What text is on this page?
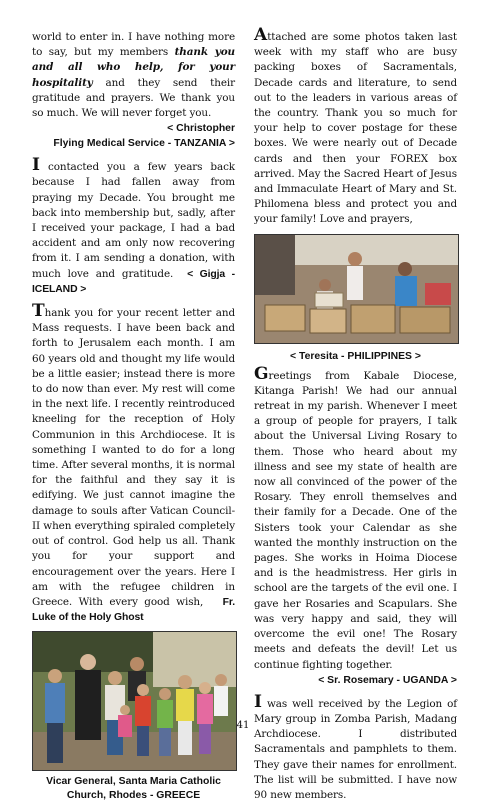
world to enter in. I have nothing more to say, but my members thank you and all who help, for your hospitality and they send their gratitude and prayers. We thank you so much. We will never forget you.

< Christopher
Flying Medical Service - TANZANIA >

I contacted you a few years back because I had fallen away from praying my Decade. You brought me back into membership but, sadly, after I received your package, I had a bad accident and am only now recovering from it. I am sending a donation, with much love and gratitude. < Gigja - ICELAND >

Thank you for your recent letter and Mass requests. I have been back and forth to Jerusalem each month. I am 60 years old and thought my life would be a little easier; instead there is more to do now than ever. My rest will come in the next life. I recently reintroduced kneeling for the reception of Holy Communion in this Archdiocese. It is something I wanted to do for a long time. After several months, it is normal for the faithful and they say it is edifying. We just cannot imagine the damage to souls after Vatican Council-II when everything spiraled completely out of control. God help us all. Thank you for your support and encouragement over the years. Here I am with the refugee children in Greece. With every good wish, Fr. Luke of the Holy Ghost

Vicar General, Santa Maria Catholic Church, Rhodes - GREECE

Attached are some photos taken last week with my staff who are busy packing boxes of Sacramentals, Decade cards and literature, to send out to the leaders in various areas of the country. Thank you so much for your help to cover postage for these boxes. We were nearly out of Decade cards and then your FOREX box arrived. May the Sacred Heart of Jesus and Immaculate Heart of Mary and St. Philomena bless and protect you and your family! Love and prayers,

< Teresita - PHILIPPINES >

Greetings from Kabale Diocese, Kitanga Parish! We had our annual retreat in my parish. Whenever I meet a group of people for prayers, I talk about the Universal Living Rosary to them. Those who heard about my illness and see my state of health are now all convinced of the power of the Rosary. They enroll themselves and their family for a Decade. One of the Sisters took your Calendar as she wanted the monthly instruction on the pages. She works in Hoima Diocese and is the headmistress. Her girls in school are the targets of the evil one. I gave her Rosaries and Scapulars. She was very happy and said, they will overcome the evil one! The Rosary meets and defeats the devil! Let us continue fighting together.

< Sr. Rosemary - UGANDA >

I was well received by the Legion of Mary group in Zomba Parish, Madang Archdiocese. I distributed Sacramentals and pamphlets to them. They gave their names for enrollment. The list will be submitted. I have now 90 new members.

41
